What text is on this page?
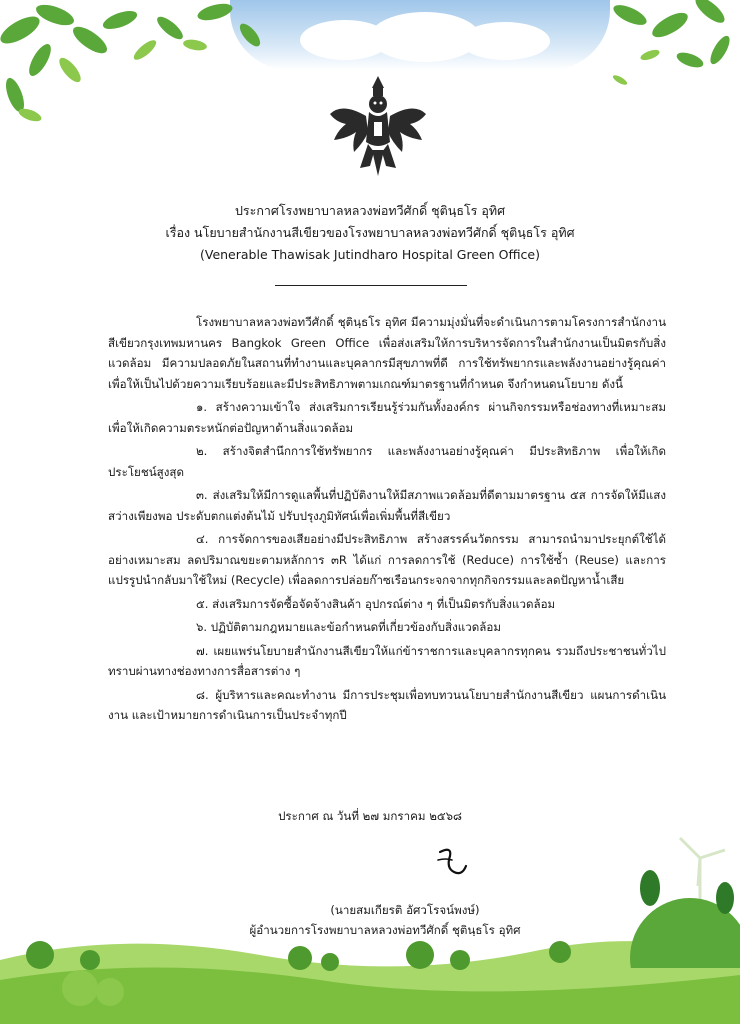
ประกาศโรงพยาบาลหลวงพ่อทวีศักดิ์ ชุตินฺธโร อุทิศ
เรื่อง นโยบายสำนักงานสีเขียวของโรงพยาบาลหลวงพ่อทวีศักดิ์ ชุตินฺธโร อุทิศ
(Venerable Thawisak Jutindharo Hospital Green Office)

โรงพยาบาลหลวงพ่อทวีศักดิ์ ชุตินฺธโร อุทิศ มีความมุ่งมั่นที่จะดำเนินการตามโครงการสำนักงานสีเขียวกรุงเทพมหานคร Bangkok Green Office เพื่อส่งเสริมให้การบริหารจัดการในสำนักงานเป็นมิตรกับสิ่งแวดล้อม มีความปลอดภัยในสถานที่ทำงานและบุคลากรมีสุขภาพที่ดี การใช้ทรัพยากรและพลังงานอย่างรู้คุณค่า เพื่อให้เป็นไปด้วยความเรียบร้อยและมีประสิทธิภาพตามเกณฑ์มาตรฐานที่กำหนด จึงกำหนดนโยบาย ดังนี้

๑. สร้างความเข้าใจ ส่งเสริมการเรียนรู้ร่วมกันทั้งองค์กร ผ่านกิจกรรมหรือช่องทางที่เหมาะสมเพื่อให้เกิดความตระหนักต่อปัญหาด้านสิ่งแวดล้อม

๒. สร้างจิตสำนึกการใช้ทรัพยากร และพลังงานอย่างรู้คุณค่า มีประสิทธิภาพ เพื่อให้เกิดประโยชน์สูงสุด

๓. ส่งเสริมให้มีการดูแลพื้นที่ปฏิบัติงานให้มีสภาพแวดล้อมที่ดีตามมาตรฐาน ๕ส การจัดให้มีแสงสว่างเพียงพอ ประดับตกแต่งต้นไม้ ปรับปรุงภูมิทัศน์เพื่อเพิ่มพื้นที่สีเขียว

๔. การจัดการของเสียอย่างมีประสิทธิภาพ สร้างสรรค์นวัตกรรม สามารถนำมาประยุกต์ใช้ได้อย่างเหมาะสม ลดปริมาณขยะตามหลักการ ๓R ได้แก่ การลดการใช้ (Reduce) การใช้ซ้ำ (Reuse) และการแปรรูปนำกลับมาใช้ใหม่ (Recycle) เพื่อลดการปล่อยก๊าซเรือนกระจกจากทุกกิจกรรมและลดปัญหาน้ำเสีย

๕. ส่งเสริมการจัดซื้อจัดจ้างสินค้า อุปกรณ์ต่าง ๆ ที่เป็นมิตรกับสิ่งแวดล้อม

๖. ปฏิบัติตามกฎหมายและข้อกำหนดที่เกี่ยวข้องกับสิ่งแวดล้อม

๗. เผยแพร่นโยบายสำนักงานสีเขียวให้แก่ข้าราชการและบุคลากรทุกคน รวมถึงประชาชนทั่วไปทราบผ่านทางช่องทางการสื่อสารต่าง ๆ

๘. ผู้บริหารและคณะทำงาน มีการประชุมเพื่อทบทวนนโยบายสำนักงานสีเขียว แผนการดำเนินงาน และเป้าหมายการดำเนินการเป็นประจำทุกปี

ประกาศ ณ วันที่ ๒๗ มกราคม ๒๕๖๘
(นายสมเกียรติ อัศวโรจน์พงษ์)
ผู้อำนวยการโรงพยาบาลหลวงพ่อทวีศักดิ์ ชุตินฺธโร อุทิศ
